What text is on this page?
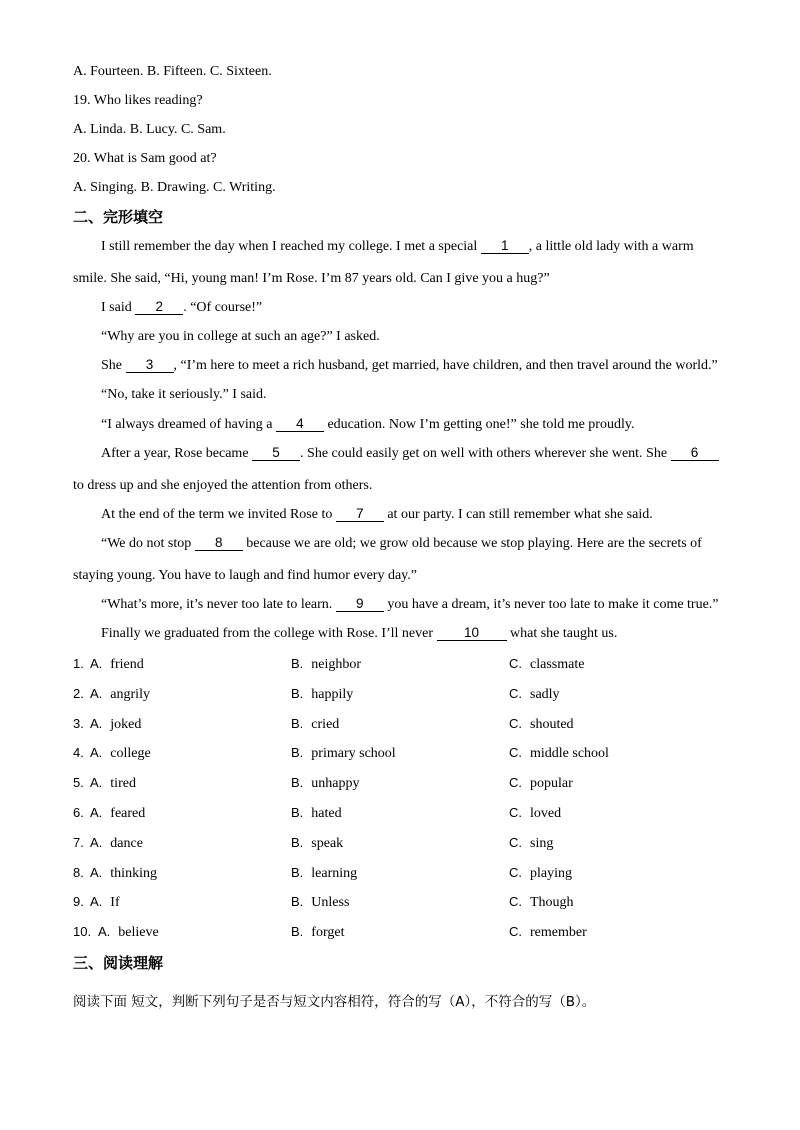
A. Fourteen. B. Fifteen. C. Sixteen.
19. Who likes reading?
A. Linda. B. Lucy. C. Sam.
20. What is Sam good at?
A. Singing. B. Drawing. C. Writing.
二、完形填空
I still remember the day when I reached my college. I met a special 1 , a little old lady with a warm
smile. She said, “Hi, young man! I’m Rose. I’m 87 years old. Can I give you a hug?”
I said 2 . “Of course!”
“Why are you in college at such an age?” I asked.
She 3 , “I’m here to meet a rich husband, get married, have children, and then travel around the world.”
“No, take it seriously.” I said.
“I always dreamed of having a 4 education. Now I’m getting one!” she told me proudly.
After a year, Rose became 5 . She could easily get on well with others wherever she went. She 6
to dress up and she enjoyed the attention from others.
At the end of the term we invited Rose to 7 at our party. I can still remember what she said.
“We do not stop 8 because we are old; we grow old because we stop playing. Here are the secrets of
staying young. You have to laugh and find humor every day.”
“What’s more, it’s never too late to learn. 9 you have a dream, it’s never too late to make it come true.”
Finally we graduated from the college with Rose. I’ll never 10 what she taught us.
1. A. friend	B. neighbor	C. classmate
2. A. angrily	B. happily	C. sadly
3. A. joked	B. cried	C. shouted
4. A. college	B. primary school	C. middle school
5. A. tired	B. unhappy	C. popular
6. A. feared	B. hated	C. loved
7. A. dance	B. speak	C. sing
8. A. thinking	B. learning	C. playing
9. A. If	B. Unless	C. Though
10. A. believe	B. forget	C. remember
三、阅读理解
阅读下面 短文，判断下列句子是否与短文内容相符，符合的写（A），不符合的写（B）。
